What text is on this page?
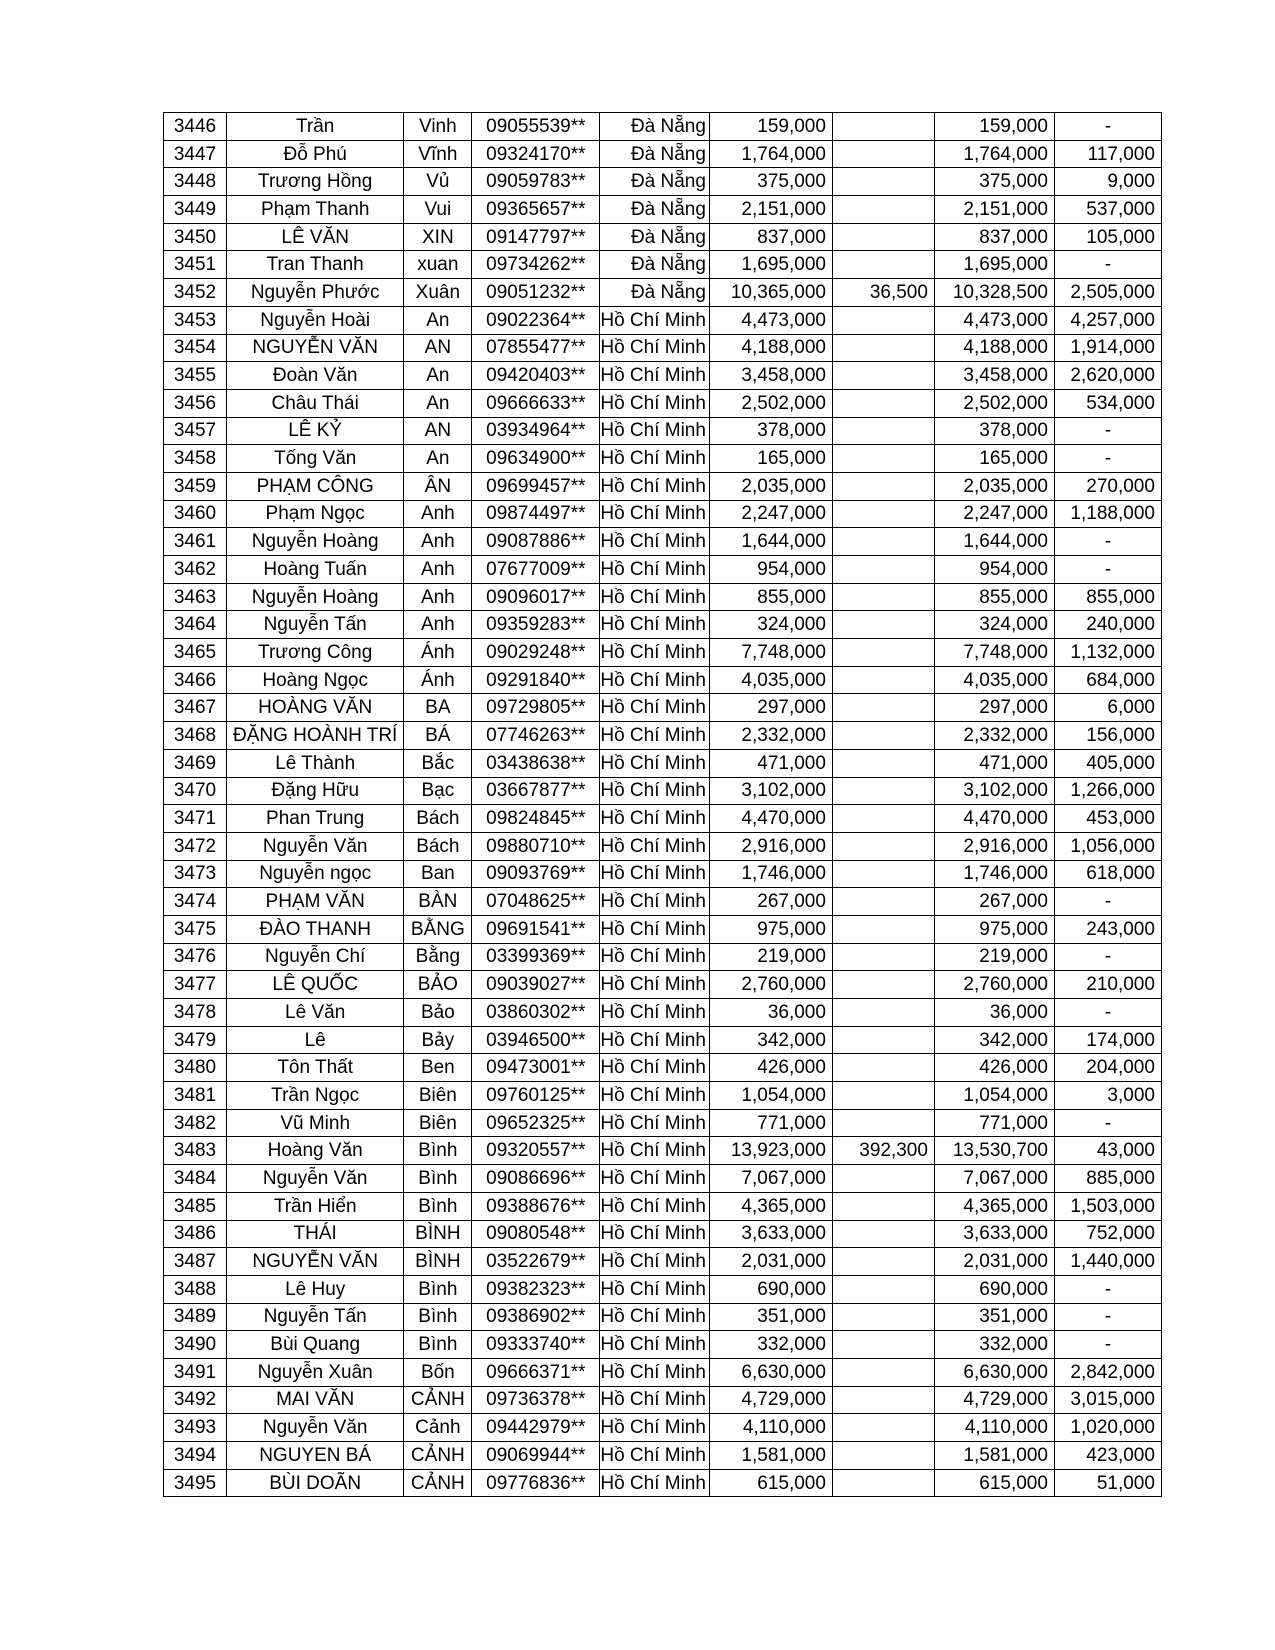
3446	Trần	Vinh	09055539**	Đà Nẵng	159,000		159,000	-
3447	Đỗ Phú	Vĩnh	09324170**	Đà Nẵng	1,764,000		1,764,000	117,000
3448	Trương Hồng	Vủ	09059783**	Đà Nẵng	375,000		375,000	9,000
3449	Phạm Thanh	Vui	09365657**	Đà Nẵng	2,151,000		2,151,000	537,000
3450	LÊ VĂN	XIN	09147797**	Đà Nẵng	837,000		837,000	105,000
3451	Tran Thanh	xuan	09734262**	Đà Nẵng	1,695,000		1,695,000	-
3452	Nguyễn Phước	Xuân	09051232**	Đà Nẵng	10,365,000	36,500	10,328,500	2,505,000
3453	Nguyễn Hoài	An	09022364**	Hồ Chí Minh	4,473,000		4,473,000	4,257,000
3454	NGUYỄN VĂN	AN	07855477**	Hồ Chí Minh	4,188,000		4,188,000	1,914,000
3455	Đoàn Văn	An	09420403**	Hồ Chí Minh	3,458,000		3,458,000	2,620,000
3456	Châu Thái	An	09666633**	Hồ Chí Minh	2,502,000		2,502,000	534,000
3457	LÊ KỶ	AN	03934964**	Hồ Chí Minh	378,000		378,000	-
3458	Tống Văn	An	09634900**	Hồ Chí Minh	165,000		165,000	-
3459	PHẠM CÔNG	ÂN	09699457**	Hồ Chí Minh	2,035,000		2,035,000	270,000
3460	Phạm Ngọc	Anh	09874497**	Hồ Chí Minh	2,247,000		2,247,000	1,188,000
3461	Nguyễn Hoàng	Anh	09087886**	Hồ Chí Minh	1,644,000		1,644,000	-
3462	Hoàng Tuấn	Anh	07677009**	Hồ Chí Minh	954,000		954,000	-
3463	Nguyễn Hoàng	Anh	09096017**	Hồ Chí Minh	855,000		855,000	855,000
3464	Nguyễn Tấn	Anh	09359283**	Hồ Chí Minh	324,000		324,000	240,000
3465	Trương Công	Ánh	09029248**	Hồ Chí Minh	7,748,000		7,748,000	1,132,000
3466	Hoàng Ngọc	Ánh	09291840**	Hồ Chí Minh	4,035,000		4,035,000	684,000
3467	HOÀNG VĂN	BA	09729805**	Hồ Chí Minh	297,000		297,000	6,000
3468	ĐẶNG HOÀNH TRÍ	BÁ	07746263**	Hồ Chí Minh	2,332,000		2,332,000	156,000
3469	Lê Thành	Bắc	03438638**	Hồ Chí Minh	471,000		471,000	405,000
3470	Đặng Hữu	Bạc	03667877**	Hồ Chí Minh	3,102,000		3,102,000	1,266,000
3471	Phan Trung	Bách	09824845**	Hồ Chí Minh	4,470,000		4,470,000	453,000
3472	Nguyễn Văn	Bách	09880710**	Hồ Chí Minh	2,916,000		2,916,000	1,056,000
3473	Nguyễn ngọc	Ban	09093769**	Hồ Chí Minh	1,746,000		1,746,000	618,000
3474	PHẠM VĂN	BÀN	07048625**	Hồ Chí Minh	267,000		267,000	-
3475	ĐÀO THANH	BẰNG	09691541**	Hồ Chí Minh	975,000		975,000	243,000
3476	Nguyễn Chí	Bằng	03399369**	Hồ Chí Minh	219,000		219,000	-
3477	LÊ QUỐC	BẢO	09039027**	Hồ Chí Minh	2,760,000		2,760,000	210,000
3478	Lê Văn	Bảo	03860302**	Hồ Chí Minh	36,000		36,000	-
3479	Lê	Bảy	03946500**	Hồ Chí Minh	342,000		342,000	174,000
3480	Tôn Thất	Ben	09473001**	Hồ Chí Minh	426,000		426,000	204,000
3481	Trần Ngọc	Biên	09760125**	Hồ Chí Minh	1,054,000		1,054,000	3,000
3482	Vũ Minh	Biên	09652325**	Hồ Chí Minh	771,000		771,000	-
3483	Hoàng Văn	Bình	09320557**	Hồ Chí Minh	13,923,000	392,300	13,530,700	43,000
3484	Nguyễn Văn	Bình	09086696**	Hồ Chí Minh	7,067,000		7,067,000	885,000
3485	Trần Hiển	Bình	09388676**	Hồ Chí Minh	4,365,000		4,365,000	1,503,000
3486	THÁI	BÌNH	09080548**	Hồ Chí Minh	3,633,000		3,633,000	752,000
3487	NGUYỄN VĂN	BÌNH	03522679**	Hồ Chí Minh	2,031,000		2,031,000	1,440,000
3488	Lê Huy	Bình	09382323**	Hồ Chí Minh	690,000		690,000	-
3489	Nguyễn Tấn	Bình	09386902**	Hồ Chí Minh	351,000		351,000	-
3490	Bùi Quang	Bình	09333740**	Hồ Chí Minh	332,000		332,000	-
3491	Nguyễn Xuân	Bốn	09666371**	Hồ Chí Minh	6,630,000		6,630,000	2,842,000
3492	MAI VĂN	CẢNH	09736378**	Hồ Chí Minh	4,729,000		4,729,000	3,015,000
3493	Nguyễn Văn	Cảnh	09442979**	Hồ Chí Minh	4,110,000		4,110,000	1,020,000
3494	NGUYEN BÁ	CẢNH	09069944**	Hồ Chí Minh	1,581,000		1,581,000	423,000
3495	BÙI DOÃN	CẢNH	09776836**	Hồ Chí Minh	615,000		615,000	51,000
